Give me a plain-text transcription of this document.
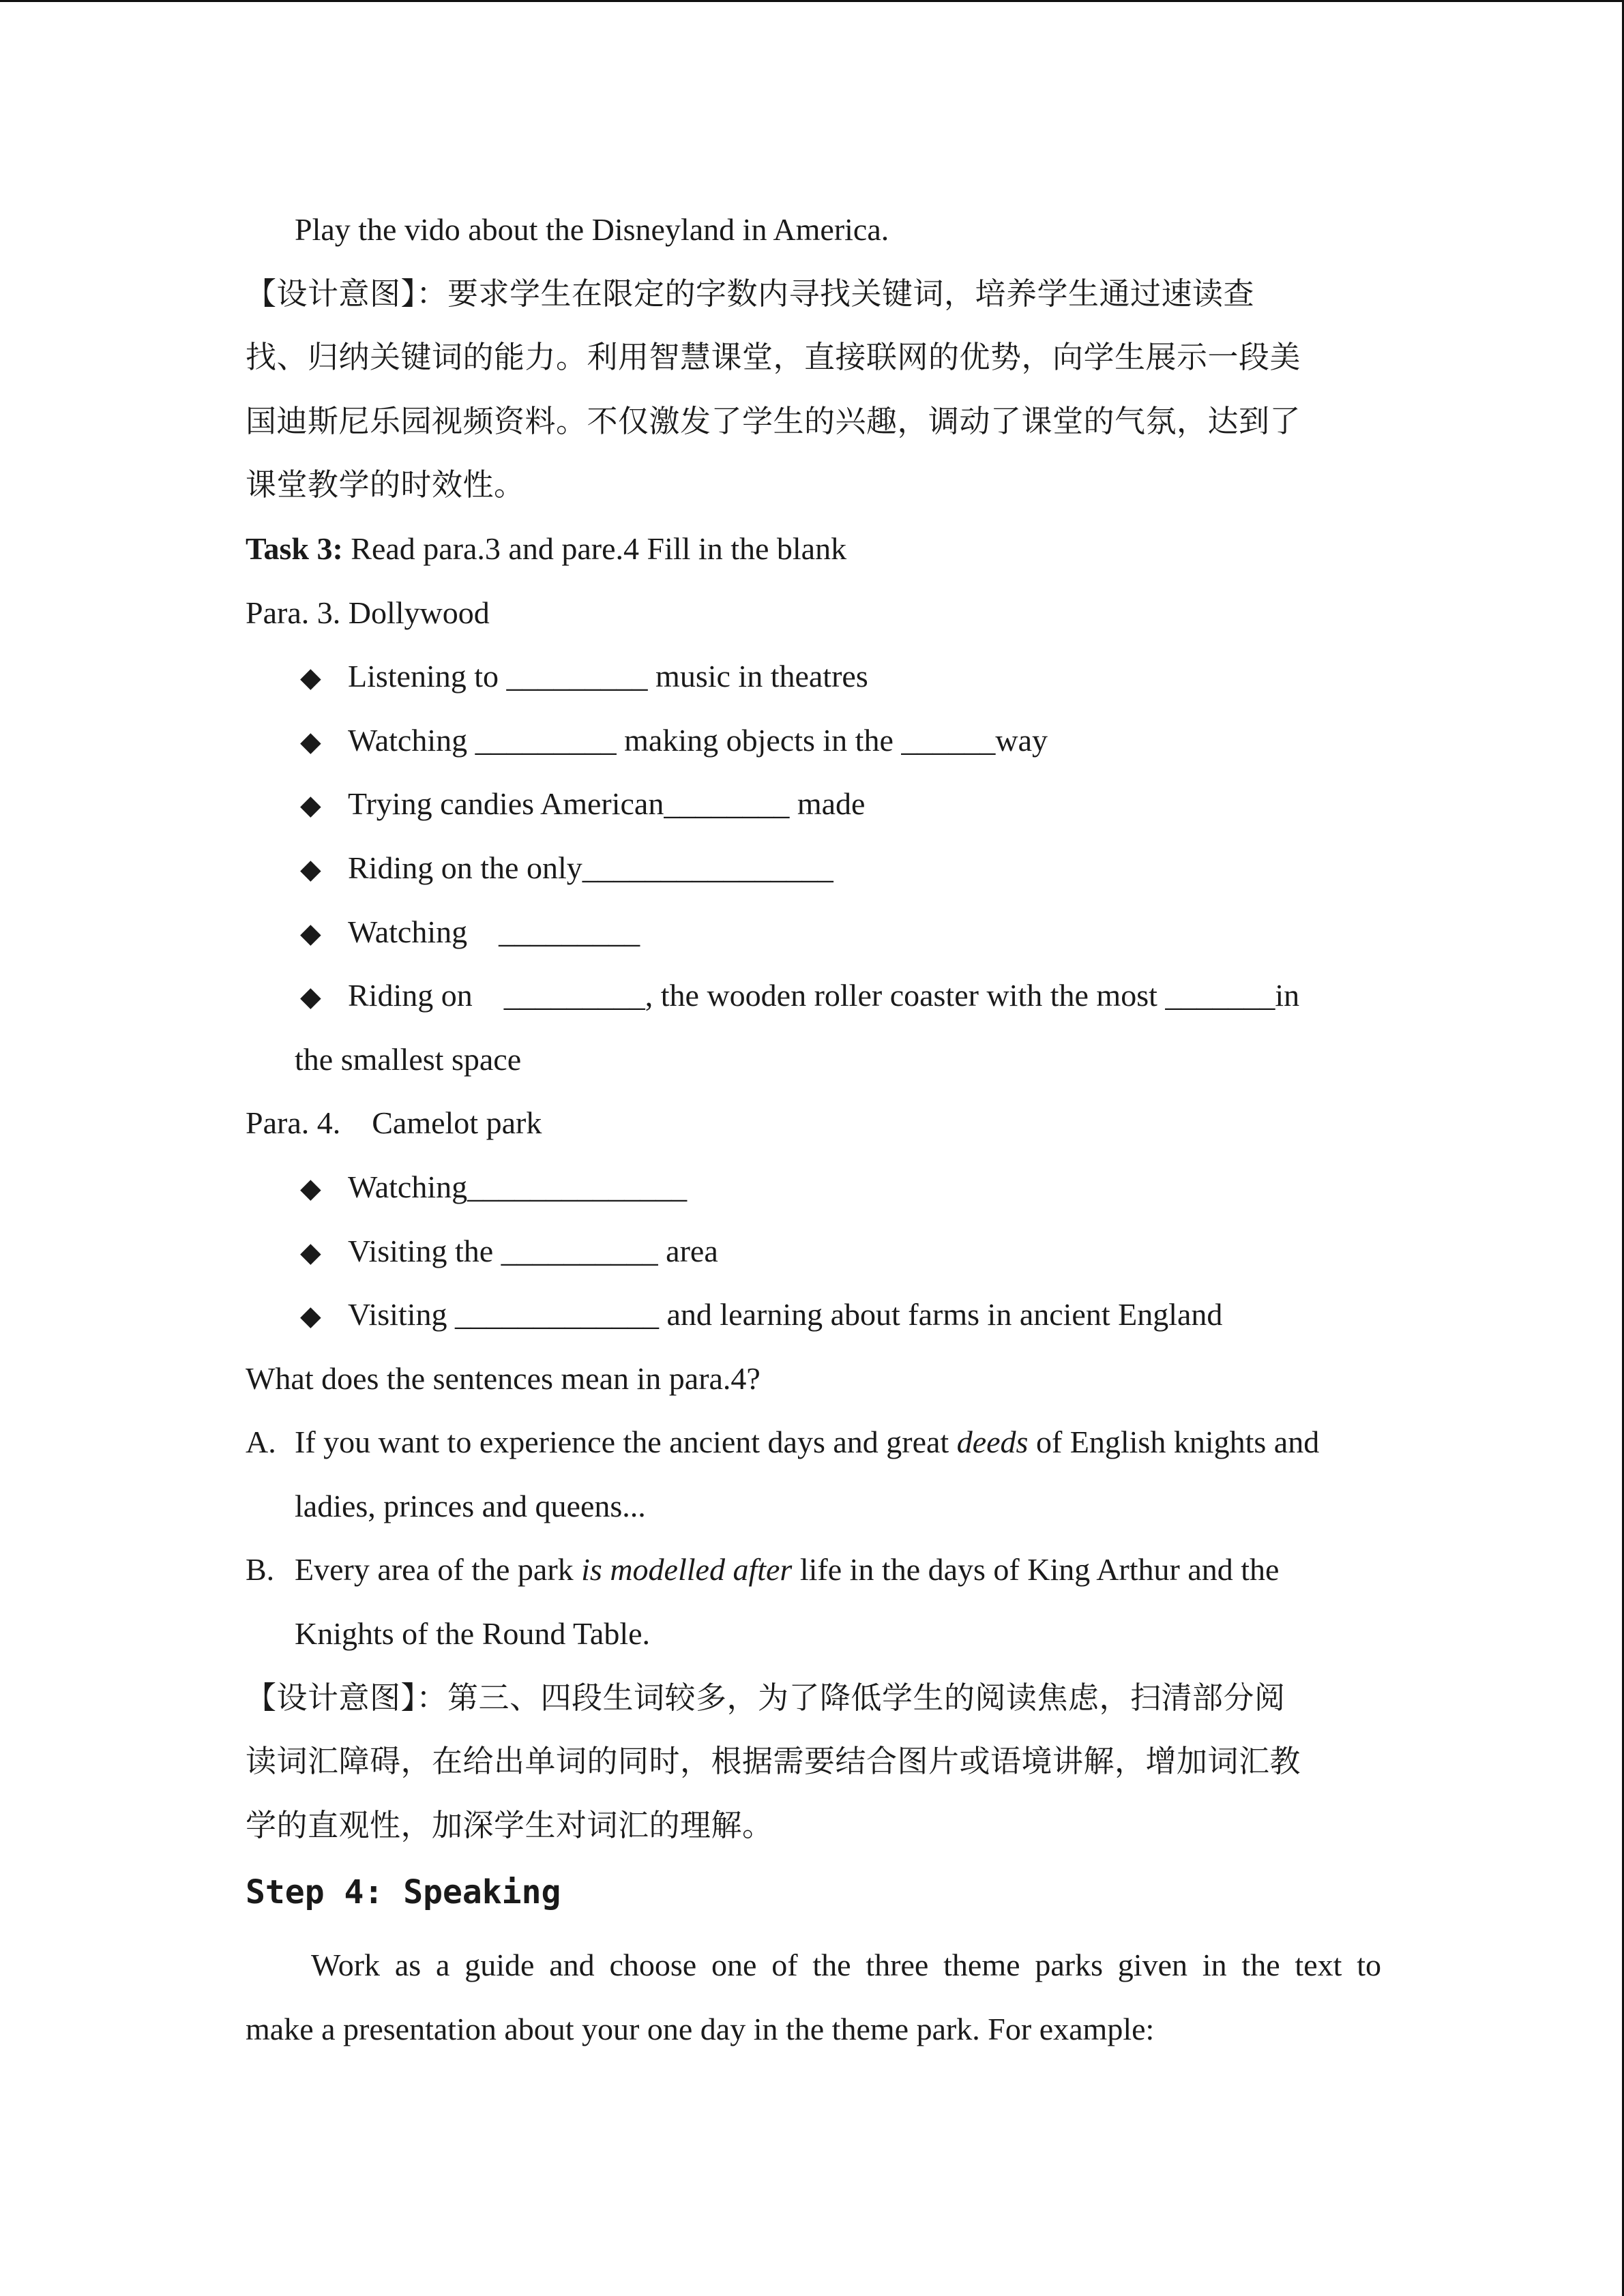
Play the vido about the Disneyland in America.
【设计意图】：要求学生在限定的字数内寻找关键词，培养学生通过速读查
找、归纳关键词的能力。利用智慧课堂，直接联网的优势，向学生展示一段美
国迪斯尼乐园视频资料。不仅激发了学生的兴趣，调动了课堂的气氛，达到了
课堂教学的时效性。
Task 3: Read para.3 and pare.4 Fill in the blank
Para. 3. Dollywood
◆ Listening to _________ music in theatres
◆ Watching _________ making objects in the ______way
◆ Trying candies American________ made
◆ Riding on the only________________
◆ Watching    _________
◆ Riding on    _________, the wooden roller coaster with the most _______in
the smallest space
Para. 4.    Camelot park
◆ Watching______________
◆ Visiting the __________ area
◆ Visiting _____________ and learning about farms in ancient England
What does the sentences mean in para.4?
A. If you want to experience the ancient days and great deeds of English knights and
ladies, princes and queens...
B. Every area of the park is modelled after life in the days of King Arthur and the
Knights of the Round Table.
【设计意图】：第三、四段生词较多，为了降低学生的阅读焦虑，扫清部分阅
读词汇障碍，在给出单词的同时，根据需要结合图片或语境讲解，增加词汇教
学的直观性，加深学生对词汇的理解。
Step 4: Speaking
Work as a guide and choose one of the three theme parks given in the text to
make a presentation about your one day in the theme park. For example:
